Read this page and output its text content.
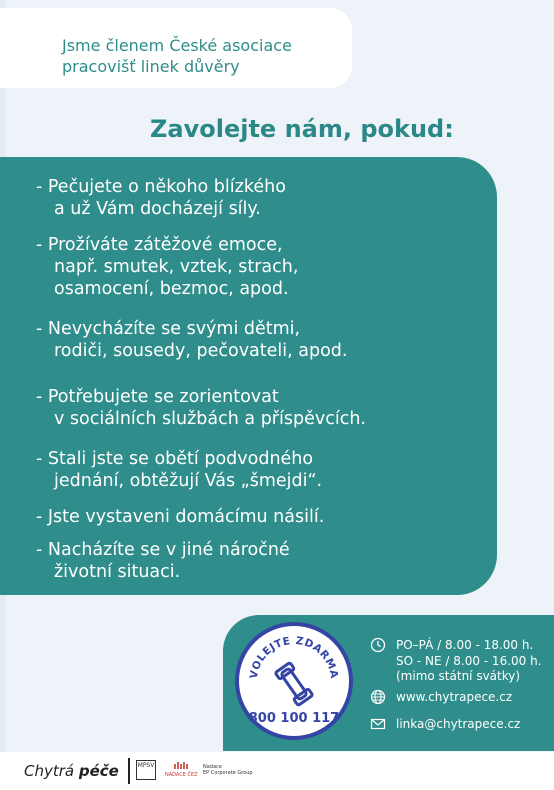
Jsme členem České asociace
pracovišť linek důvěry
Zavolejte nám, pokud:
- Pečujete o někoho blízkého
a už Vám docházejí síly.
- Prožíváte zátěžové emoce,
např. smutek, vztek, strach,
osamocení, bezmoc, apod.
- Nevycházíte se svými dětmi,
rodiči, sousedy, pečovateli, apod.
- Potřebujete se zorientovat
v sociálních službách a příspěvcích.
- Stali jste se obětí podvodného
jednání, obtěžují Vás „šmejdi“.
- Jste vystaveni domácímu násilí.
- Nacházíte se v jiné náročné
životní situaci.
VOLEJTE ZDARMA
800 100 117
PO–PÁ / 8.00 - 18.00 h.
SO - NE / 8.00 - 16.00 h.
(mimo státní svátky)
www.chytrapece.cz
linka@chytrapece.cz
Chytrá péče	MPSV

NADACE ČEZ
Nadace
EP Corporate Group
